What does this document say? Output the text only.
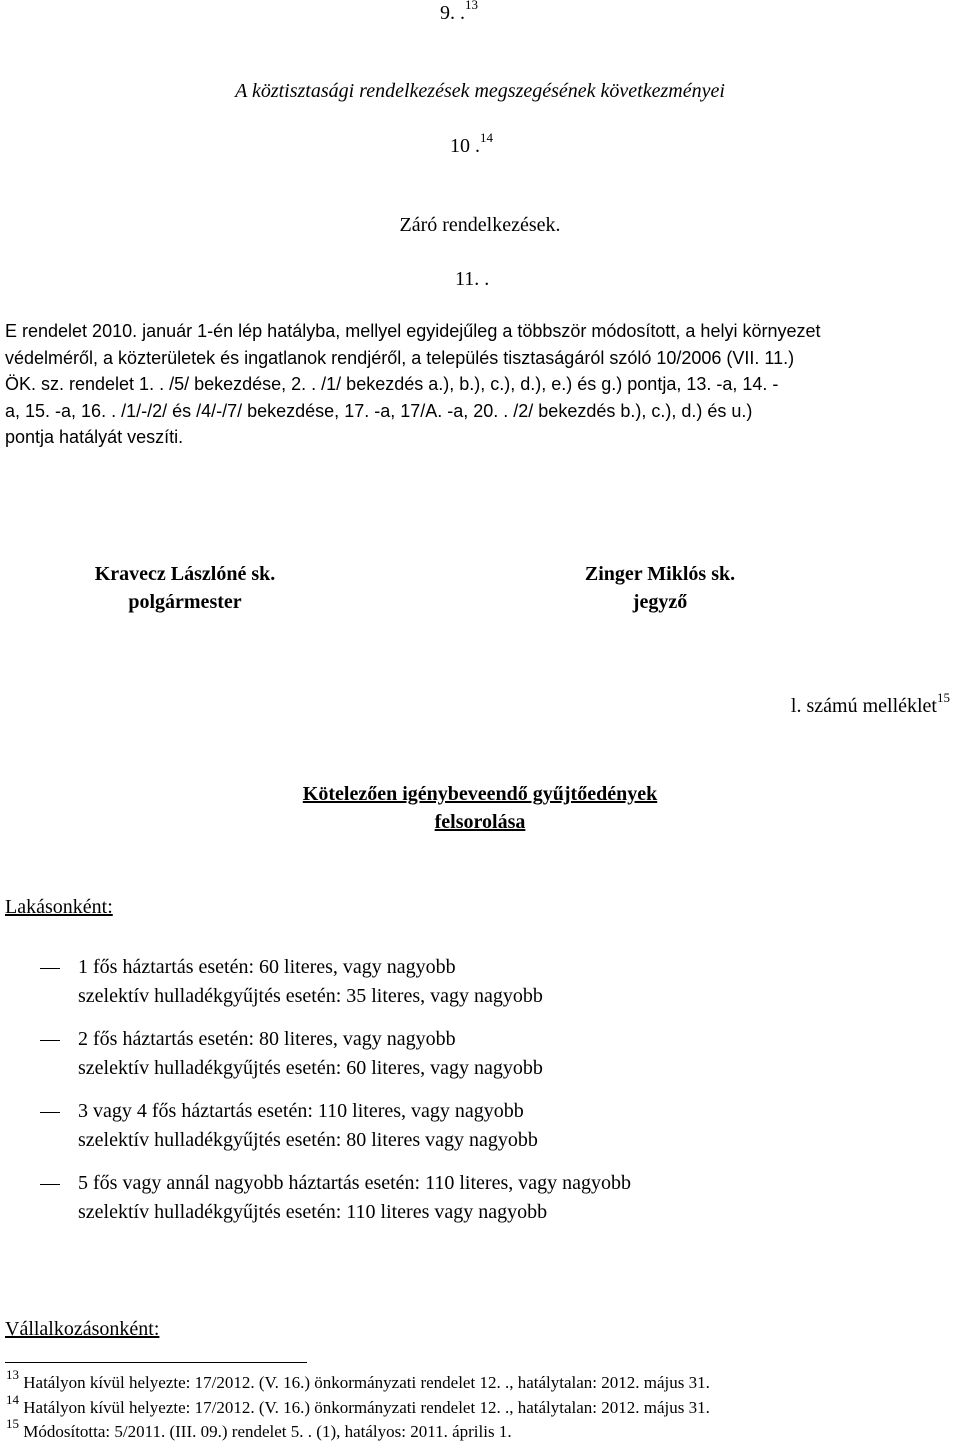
9. .$^{13}$
A köztisztasági rendelkezések megszegésének következményei
10 .$^{14}$
Záró rendelkezések.
11. .
E rendelet 2010. január 1-én lép hatályba, mellyel egyidejűleg a többször módosított, a helyi környezet
védelméről, a közterületek és ingatlanok rendjéről, a település tisztaságáról szóló 10/2006 (VII. 11.)
ÖK. sz. rendelet 1. . /5/ bekezdése, 2. . /1/ bekezdés a.), b.), c.), d.), e.) és g.) pontja, 13. -a, 14. -
a, 15. -a, 16. . /1/-/2/ és /4/-/7/ bekezdése, 17. -a, 17/A. -a, 20. . /2/ bekezdés b.), c.), d.) és u.)
pontja hatályát veszíti.
Kravecz Lászlóné sk.
polgármester
Zinger Miklós sk.
jegyző
l. számú melléklet$^{15}$
Kötelezően igénybeveendő gyűjtőedények
felsorolása
Lakásonként:
1 fős háztartás esetén: 60 literes, vagy nagyobb
szelektív hulladékgyűjtés esetén: 35 literes, vagy nagyobb
2 fős háztartás esetén: 80 literes, vagy nagyobb
szelektív hulladékgyűjtés esetén: 60 literes, vagy nagyobb
3 vagy 4 fős háztartás esetén: 110 literes, vagy nagyobb
szelektív hulladékgyűjtés esetén: 80 literes vagy nagyobb
5 fős vagy annál nagyobb háztartás esetén: 110 literes, vagy nagyobb
szelektív hulladékgyűjtés esetén: 110 literes vagy nagyobb
Vállalkozásonként:
$^{13}$ Hatályon kívül helyezte: 17/2012. (V. 16.) önkormányzati rendelet 12. ., hatálytalan: 2012. május 31.
$^{14}$ Hatályon kívül helyezte: 17/2012. (V. 16.) önkormányzati rendelet 12. ., hatálytalan: 2012. május 31.
$^{15}$ Módosította: 5/2011. (III. 09.) rendelet 5. . (1), hatályos: 2011. április 1.
